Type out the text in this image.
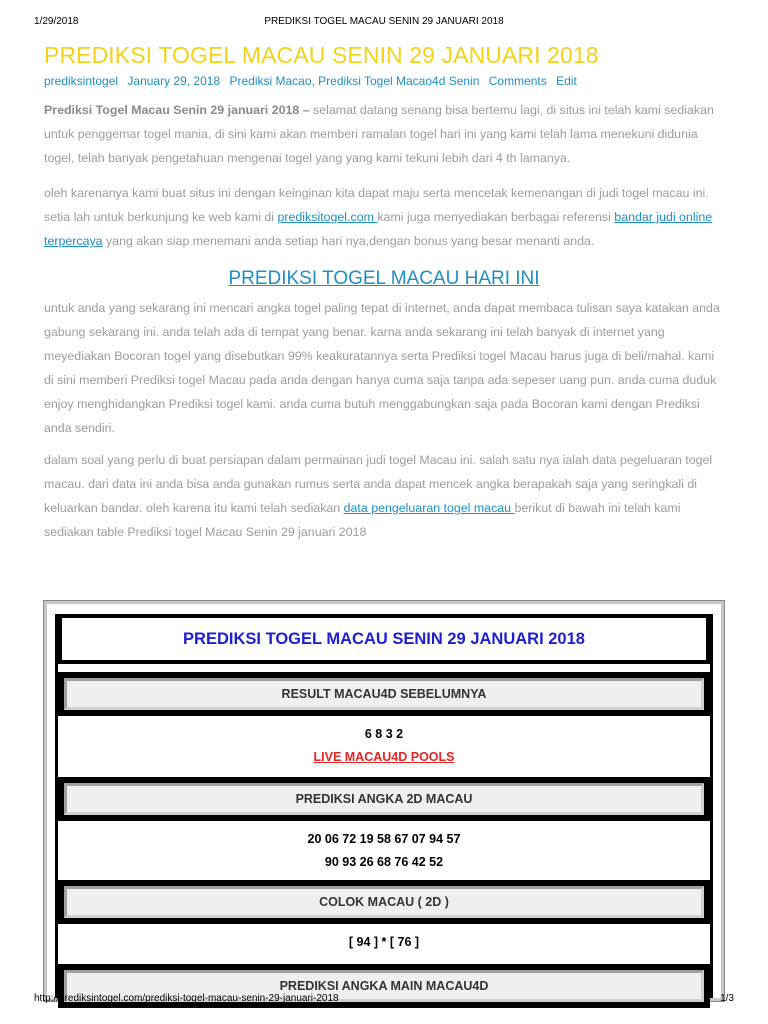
1/29/2018	PREDIKSI TOGEL MACAU SENIN 29 JANUARI 2018
PREDIKSI TOGEL MACAU SENIN 29 JANUARI 2018
prediksintogel January 29, 2018 Prediksi Macao, Prediksi Togel Macao4d Senin Comments Edit

Prediksi Togel Macau Senin 29 januari 2018 – selamat datang senang bisa bertemu lagi, di situs ini telah kami sediakan untuk penggemar togel mania, di sini kami akan memberi ramalan togel hari ini yang kami telah lama menekuni didunia togel, telah banyak pengetahuan mengenai togel yang yang kami tekuni lebih dari 4 th lamanya.

oleh karenanya kami buat situs ini dengan keinginan kita dapat maju serta mencetak kemenangan di judi togel macau ini. setia lah untuk berkunjung ke web kami di prediksitogel.com kami juga menyediakan berbagai referensi bandar judi online terpercaya yang akan siap menemani anda setiap hari nya,dengan bonus yang besar menanti anda.

PREDIKSI TOGEL MACAU HARI INI

untuk anda yang sekarang ini mencari angka togel paling tepat di internet, anda dapat membaca tulisan saya katakan anda gabung sekarang ini. anda telah ada di tempat yang benar. karna anda sekarang ini telah banyak di internet yang meyediakan Bocoran togel yang disebutkan 99% keakuratannya serta Prediksi togel Macau harus juga di beli/mahal. kami di sini memberi Prediksi togel Macau pada anda dengan hanya cuma saja tanpa ada sepeser uang pun. anda cuma duduk enjoy menghidangkan Prediksi togel kami. anda cuma butuh menggabungkan saja pada Bocoran kami dengan Prediksi anda sendiri.

dalam soal yang perlu di buat persiapan dalam permainan judi togel Macau ini. salah satu nya ialah data pegeluaran togel macau. dari data ini anda bisa anda gunakan rumus serta anda dapat mencek angka berapakah saja yang seringkali di keluarkan bandar. oleh karena itu kami telah sediakan data pengeluaran togel macau berikut di bawah ini telah kami sediakan table Prediksi togel Macau Senin 29 januari 2018

PREDIKSI TOGEL MACAU SENIN 29 JANUARI 2018
RESULT MACAU4D SEBELUMNYA
6 8 3 2
LIVE MACAU4D POOLS
PREDIKSI ANGKA 2D MACAU
20 06 72 19 58 67 07 94 57
90 93 26 68 76 42 52
COLOK MACAU ( 2D )
[ 94 ] * [ 76 ]
PREDIKSI ANGKA MAIN MACAU4D
http://prediksintogel.com/prediksi-togel-macau-senin-29-januari-2018	1/3
